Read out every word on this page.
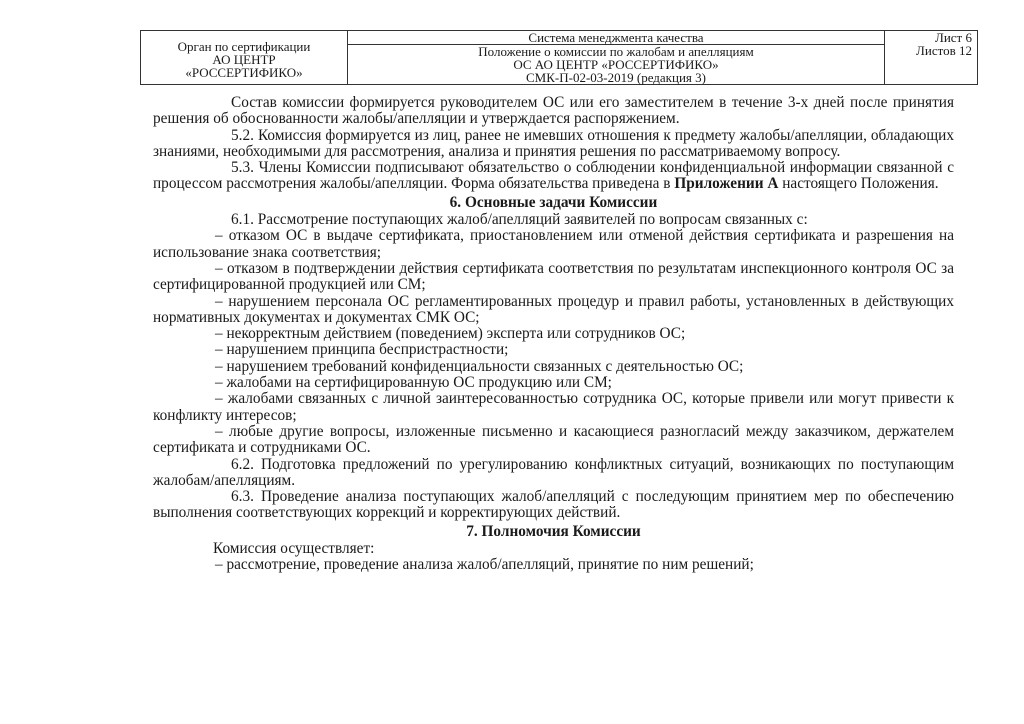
Орган по сертификации
АО ЦЕНТР
«РОССЕРТИФИКО»

Система менеджмента качества	Лист 6
Листов 12

Положение о комиссии по жалобам и апелляциям
ОС АО ЦЕНТР «РОССЕРТИФИКО»
СМК-П-02-03-2019 (редакция 3)

Состав комиссии формируется руководителем ОС или его заместителем в течение 3-х дней после принятия решения об обоснованности жалобы/апелляции и утверждается распоряжением.

5.2. Комиссия формируется из лиц, ранее не имевших отношения к предмету жалобы/апелляции, обладающих знаниями, необходимыми для рассмотрения, анализа и принятия решения по рассматриваемому вопросу.

5.3. Члены Комиссии подписывают обязательство о соблюдении конфиденциальной информации связанной с процессом рассмотрения жалобы/апелляции. Форма обязательства приведена в Приложении А настоящего Положения.

6. Основные задачи Комиссии

6.1. Рассмотрение поступающих жалоб/апелляций заявителей по вопросам связанных с:

– отказом ОС в выдаче сертификата, приостановлением или отменой действия сертификата и разрешения на использование знака соответствия;

– отказом в подтверждении действия сертификата соответствия по результатам инспекционного контроля ОС за сертифицированной продукцией или СМ;

– нарушением персонала ОС регламентированных процедур и правил работы, установленных в действующих нормативных документах и документах СМК ОС;

– некорректным действием (поведением) эксперта или сотрудников ОС;

– нарушением принципа беспристрастности;

– нарушением требований конфиденциальности связанных с деятельностью ОС;

– жалобами на сертифицированную ОС продукцию или СМ;

– жалобами связанных с личной заинтересованностью сотрудника ОС, которые привели или могут привести к конфликту интересов;

– любые другие вопросы, изложенные письменно и касающиеся разногласий между заказчиком, держателем сертификата и сотрудниками ОС.

6.2. Подготовка предложений по урегулированию конфликтных ситуаций, возникающих по поступающим жалобам/апелляциям.

6.3. Проведение анализа поступающих жалоб/апелляций с последующим принятием мер по обеспечению выполнения соответствующих коррекций и корректирующих действий.

7. Полномочия Комиссии

Комиссия осуществляет:

– рассмотрение, проведение анализа жалоб/апелляций, принятие по ним решений;
